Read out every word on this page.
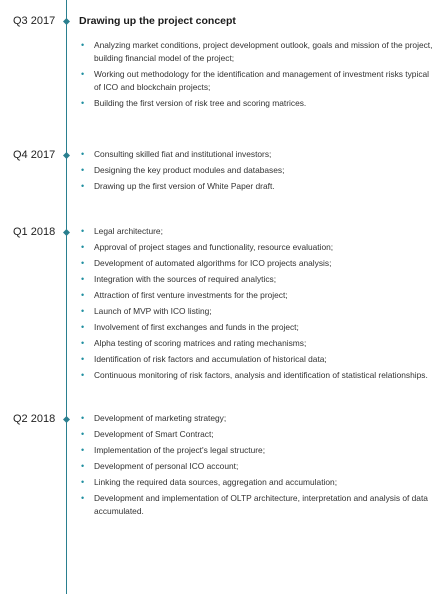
Q3 2017 Drawing up the project concept
• Analyzing market conditions, project development outlook, goals and mission of the project, building financial model of the project;
• Working out methodology for the identification and management of investment risks typical of ICO and blockchain projects;
• Building the first version of risk tree and scoring matrices.
Q4 2017	• Consulting skilled fiat and institutional investors;
• Designing the key product modules and databases;
• Drawing up the first version of White Paper draft.
Q1 2018	• Legal architecture;
• Approval of project stages and functionality, resource evaluation;
• Development of automated algorithms for ICO projects analysis;
• Integration with the sources of required analytics;
• Attraction of first venture investments for the project;
• Launch of MVP with ICO listing;
• Involvement of first exchanges and funds in the project;
• Alpha testing of scoring matrices and rating mechanisms;
• Identification of risk factors and accumulation of historical data;
• Continuous monitoring of risk factors, analysis and identification of statistical relationships.
Q2 2018	• Development of marketing strategy;
• Development of Smart Contract;
• Implementation of the project's legal structure;
• Development of personal ICO account;
• Linking the required data sources, aggregation and accumulation;
• Development and implementation of OLTP architecture, interpretation and analysis of data accumulated.
